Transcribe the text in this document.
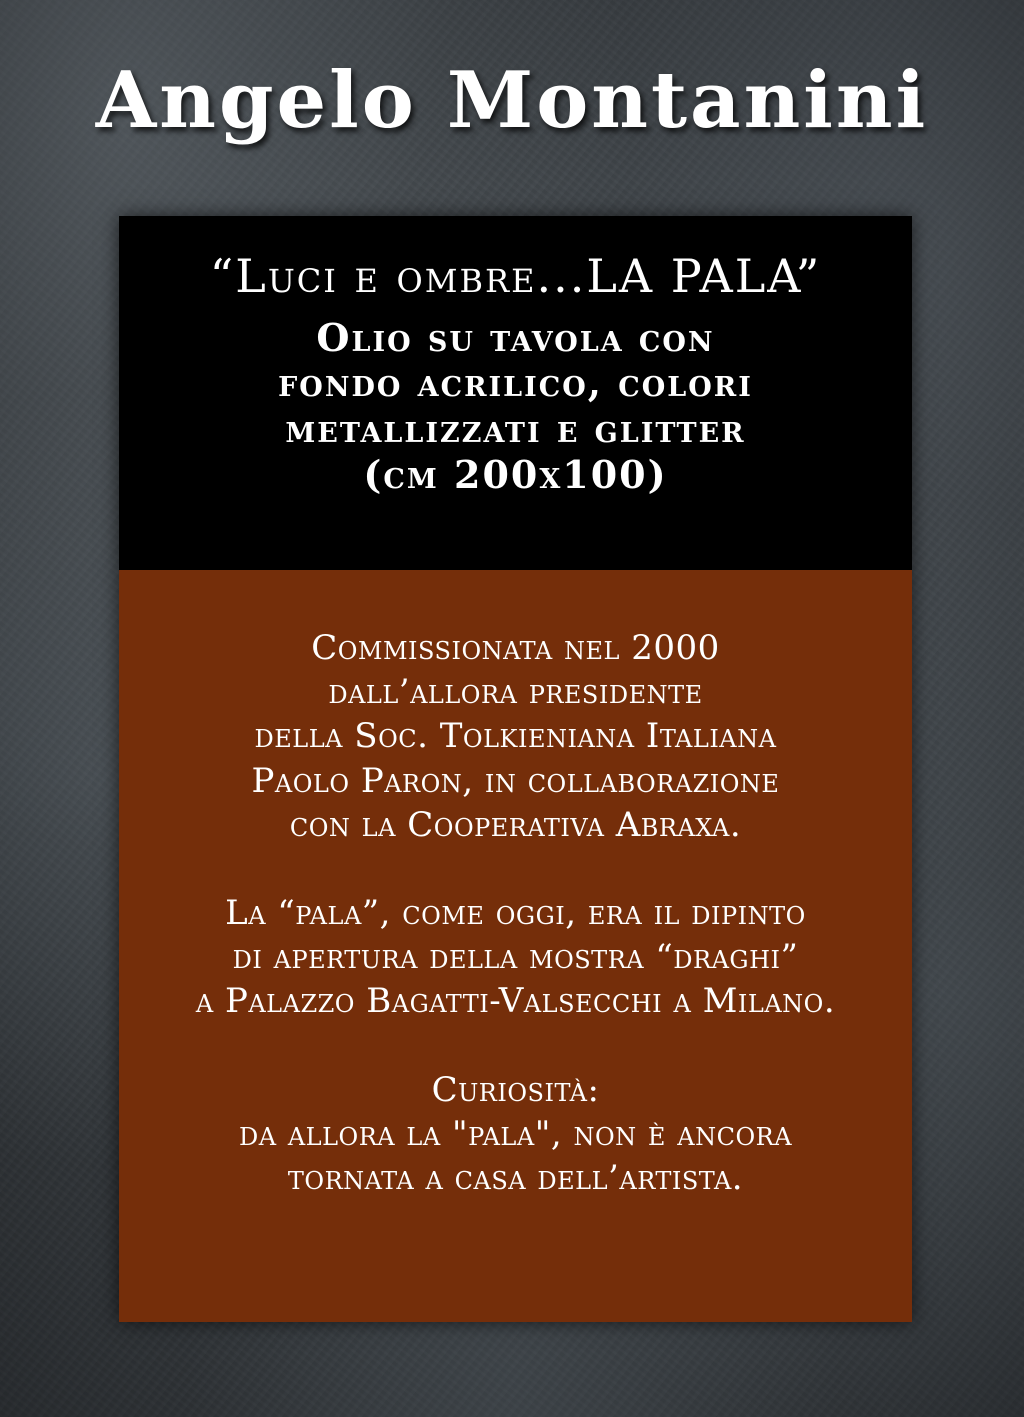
Angelo Montanini
“Luci e ombre...LA PALA”
Olio su tavola con
fondo acrilico, colori
metallizzati e glitter
(cm 200x100)
Commissionata nel 2000
dall’allora presidente
della Soc. Tolkieniana Italiana
Paolo Paron, in collaborazione
con la Cooperativa Abraxa.
La “pala”, come oggi, era il dipinto
di apertura della mostra “draghi”
a Palazzo Bagatti-Valsecchi a Milano.
Curiosità:
da allora la "pala", non è ancora
tornata a casa dell’artista.
